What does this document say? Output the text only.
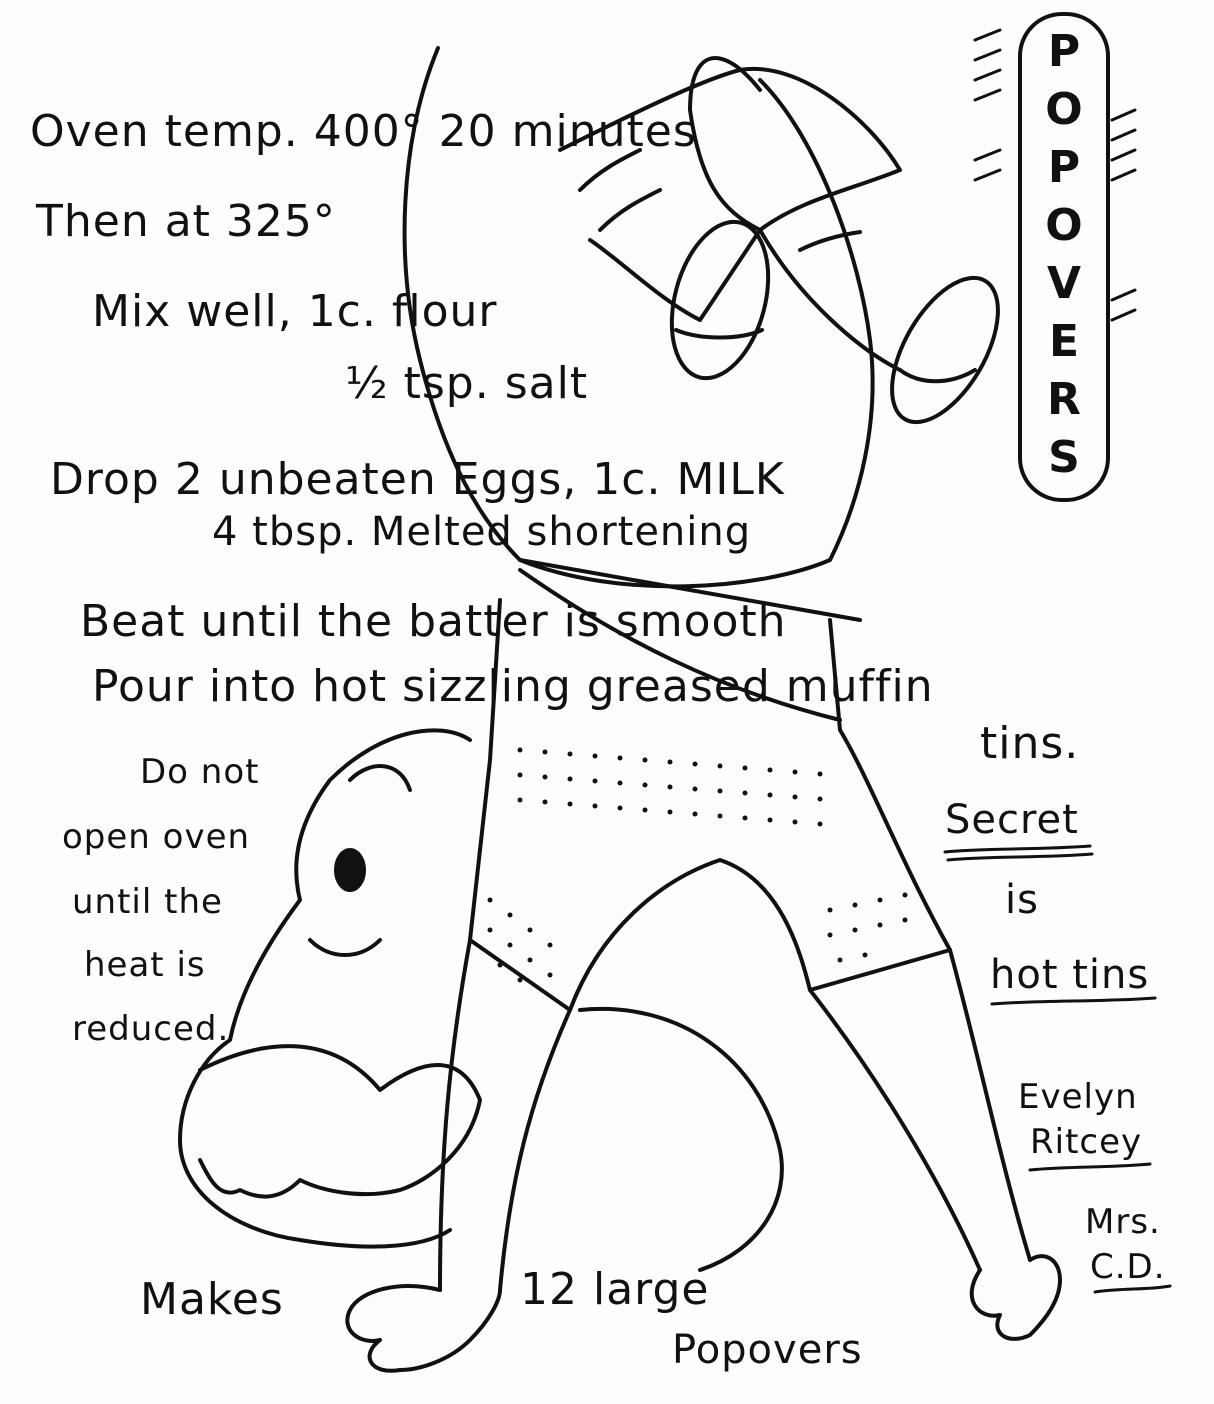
P
O
P
O
V
E
R
S
Oven temp. 400° 20 minutes
Then at 325°
Mix well, 1c. flour
½ tsp. salt
Drop 2 unbeaten Eggs, 1c. MILK
4 tbsp. Melted shortening
Beat until the batter is smooth
Pour into hot sizzling greased muffin
tins.
Do not
open oven
until the
heat is
reduced.
Secret
is
hot tins
Evelyn
Ritcey
Mrs.
C.D.
Makes	12 large
Popovers
